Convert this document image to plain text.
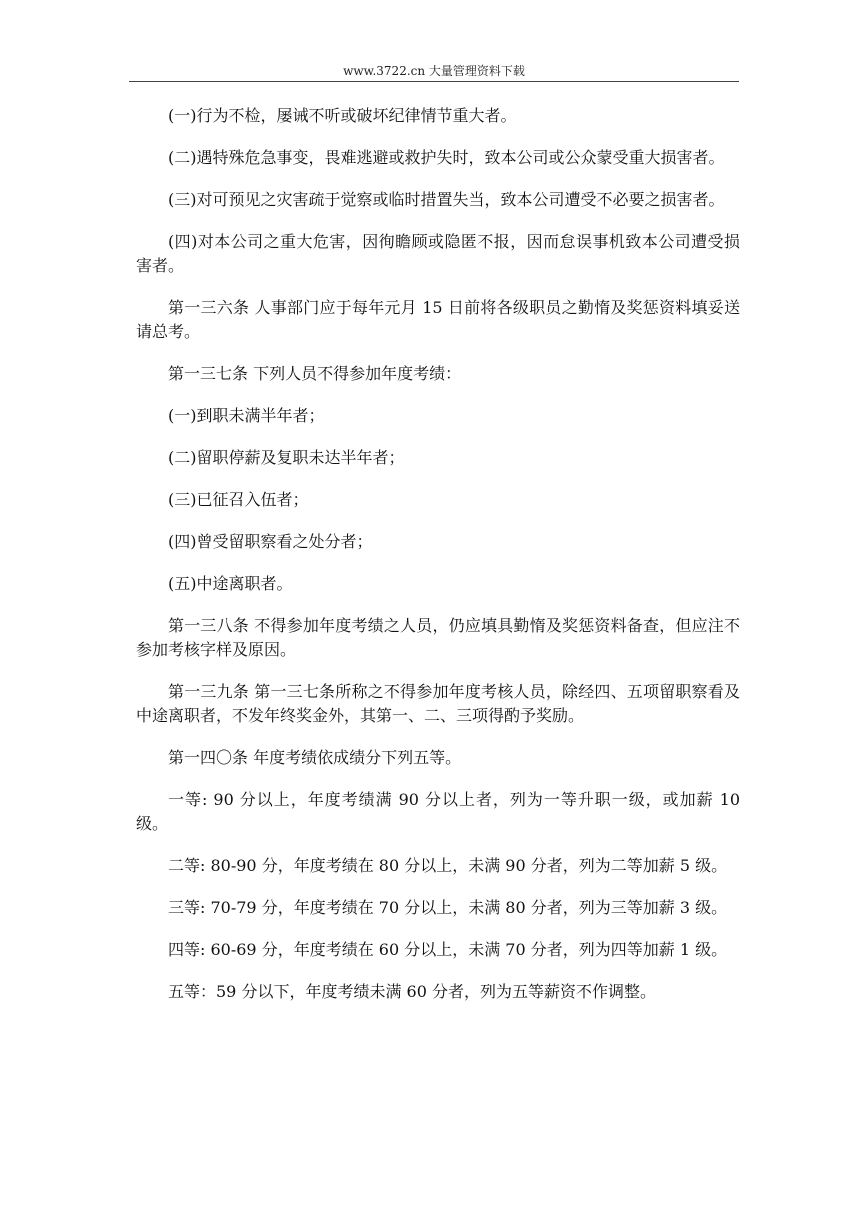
www.3722.cn 大量管理资料下载

(一)行为不检，屡诫不听或破坏纪律情节重大者。

(二)遇特殊危急事变，畏难逃避或救护失时，致本公司或公众蒙受重大损害者。

(三)对可预见之灾害疏于觉察或临时措置失当，致本公司遭受不必要之损害者。

(四)对本公司之重大危害，因徇瞻顾或隐匿不报，因而怠误事机致本公司遭受损害者。

第一三六条 人事部门应于每年元月 15 日前将各级职员之勤惰及奖惩资料填妥送请总考。

第一三七条 下列人员不得参加年度考绩：

(一)到职未满半年者；

(二)留职停薪及复职未达半年者；

(三)已征召入伍者；

(四)曾受留职察看之处分者；

(五)中途离职者。

第一三八条 不得参加年度考绩之人员，仍应填具勤惰及奖惩资料备查，但应注不参加考核字样及原因。

第一三九条 第一三七条所称之不得参加年度考核人员，除经四、五项留职察看及中途离职者，不发年终奖金外，其第一、二、三项得酌予奖励。

第一四〇条 年度考绩依成绩分下列五等。

一等: 90 分以上，年度考绩满 90 分以上者，列为一等升职一级，或加薪 10 级。

二等: 80-90 分，年度考绩在 80 分以上，未满 90 分者，列为二等加薪 5 级。

三等: 70-79 分，年度考绩在 70 分以上，未满 80 分者，列为三等加薪 3 级。

四等: 60-69 分，年度考绩在 60 分以上，未满 70 分者，列为四等加薪 1 级。

五等：59 分以下，年度考绩未满 60 分者，列为五等薪资不作调整。
